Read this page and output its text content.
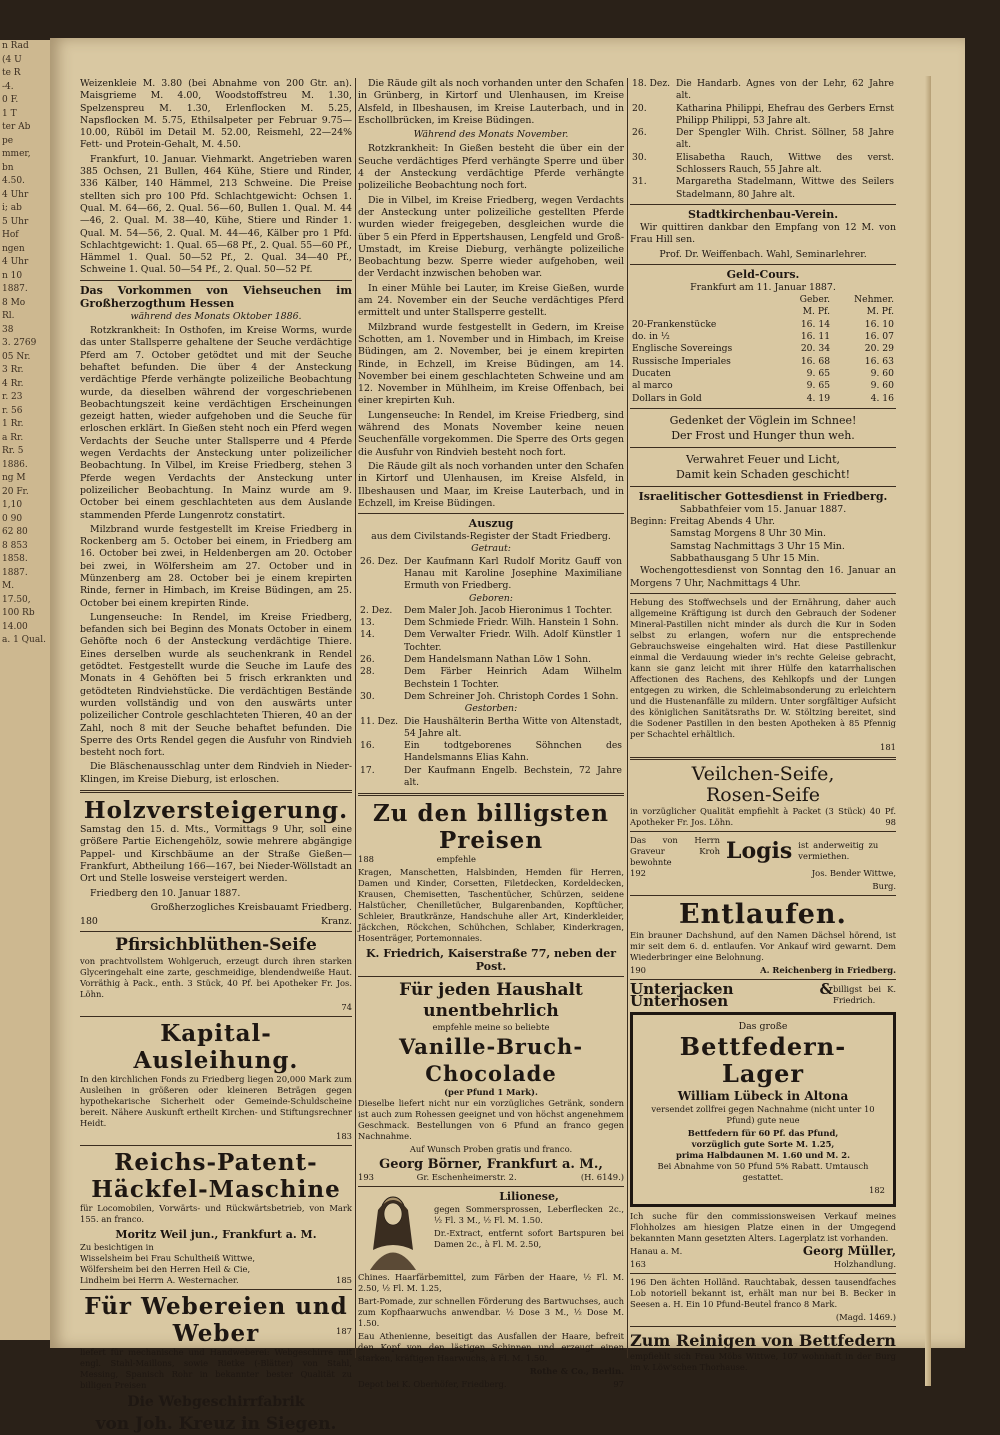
n Rad
(4 U
te R
-4.
0 F.
1 T
ter Ab
pe
mmer,
bn
4.50.
4 Uhr
i; ab
5 Uhr
Hof
ngen
4 Uhr
n 10
1887.
8 Mo
Rl.
38
3. 2769
05 Nr.
3 Rr.
4 Rr.
r. 23
r. 56
1 Rr.
a Rr.
Rr. 5
1886.
ng M
20 Fr.
1,10
0 90
62 80
8 853
1858.
1887.
M.
17.50,
100 Rb
14.00
a. 1 Qual.

Weizenkleie M. 3.80 (bei Abnahme von 200 Gtr. an). Maisgrieme M. 4.00, Woodstoffstreu M. 1.30, Spelzenspreu M. 1.30, Erlenflocken M. 5.25, Napsflocken M. 5.75, Ethilsalpeter per Februar 9.75—10.00, Rüböl im Detail M. 52.00, Reismehl, 22—24% Fett- und Protein-Gehalt, M. 4.50.

Frankfurt, 10. Januar. Viehmarkt. Angetrieben waren 385 Ochsen, 21 Bullen, 464 Kühe, Stiere und Rinder, 336 Kälber, 140 Hämmel, 213 Schweine. Die Preise stellten sich pro 100 Pfd. Schlachtgewicht: Ochsen 1. Qual. M. 64—66, 2. Qual. 56—60, Bullen 1. Qual. M. 44—46, 2. Qual. M. 38—40, Kühe, Stiere und Rinder 1. Qual. M. 54—56, 2. Qual. M. 44—46, Kälber pro 1 Pfd. Schlachtgewicht: 1. Qual. 65—68 Pf., 2. Qual. 55—60 Pf., Hämmel 1. Qual. 50—52 Pf., 2. Qual. 34—40 Pf., Schweine 1. Qual. 50—54 Pf., 2. Qual. 50—52 Pf.

Das Vorkommen von Viehseuchen im Großherzogthum Hessen
während des Monats Oktober 1886.

Rotzkrankheit: In Osthofen, im Kreise Worms, wurde das unter Stallsperre gehaltene der Seuche verdächtige Pferd am 7. October getödtet und mit der Seuche behaftet befunden. Die über 4 der Ansteckung verdächtige Pferde verhängte polizeiliche Beobachtung wurde, da dieselben während der vorgeschriebenen Beobachtungszeit keine verdächtigen Erscheinungen gezeigt hatten, wieder aufgehoben und die Seuche für erloschen erklärt. In Gießen steht noch ein Pferd wegen Verdachts der Seuche unter Stallsperre und 4 Pferde wegen Verdachts der Ansteckung unter polizeilicher Beobachtung. In Vilbel, im Kreise Friedberg, stehen 3 Pferde wegen Verdachts der Ansteckung unter polizeilicher Beobachtung. In Mainz wurde am 9. October bei einem geschlachteten aus dem Auslande stammenden Pferde Lungenrotz constatirt.

Milzbrand wurde festgestellt im Kreise Friedberg in Rockenberg am 5. October bei einem, in Friedberg am 16. October bei zwei, in Heldenbergen am 20. October bei zwei, in Wölfersheim am 27. October und in Münzenberg am 28. October bei je einem krepirten Rinde, ferner in Himbach, im Kreise Büdingen, am 25. October bei einem krepirten Rinde.

Lungenseuche: In Rendel, im Kreise Friedberg, befanden sich bei Beginn des Monats October in einem Gehöfte noch 6 der Ansteckung verdächtige Thiere. Eines derselben wurde als seuchenkrank in Rendel getödtet. Festgestellt wurde die Seuche im Laufe des Monats in 4 Gehöften bei 5 frisch erkrankten und getödteten Rindviehstücke. Die verdächtigen Bestände wurden vollständig und von den auswärts unter polizeilicher Controle geschlachteten Thieren, 40 an der Zahl, noch 8 mit der Seuche behaftet befunden. Die Sperre des Orts Rendel gegen die Ausfuhr von Rindvieh besteht noch fort.

Die Bläschenausschlag unter dem Rindvieh in Nieder-Klingen, im Kreise Dieburg, ist erloschen.

Holzversteigerung.

Samstag den 15. d. Mts., Vormittags 9 Uhr, soll eine größere Partie Eichengehölz, sowie mehrere abgängige Pappel- und Kirschbäume an der Straße Gießen—Frankfurt, Abtheilung 166—167, bei Nieder-Wöllstadt an Ort und Stelle losweise versteigert werden.

Friedberg den 10. Januar 1887.

Großherzogliches Kreisbauamt Friedberg.

180	Kranz.

Pfirsichblüthen-Seife

von prachtvollstem Wohlgeruch, erzeugt durch ihren starken Glyceringehalt eine zarte, geschmeidige, blendendweiße Haut. Vorräthig à Pack., enth. 3 Stück, 40 Pf. bei Apotheker Fr. Jos. Löhn.

74

Kapital-Ausleihung.

In den kirchlichen Fonds zu Friedberg liegen 20,000 Mark zum Ausleihen in größeren oder kleineren Beträgen gegen hypothekarische Sicherheit oder Gemeinde-Schuldscheine bereit. Nähere Auskunft ertheilt Kirchen- und Stiftungsrechner Heidt.

183

Reichs-Patent-
Häckfel-Maschine

für Locomobilen, Vorwärts- und Rückwärtsbetrieb, von Mark 155. an franco.

Moritz Weil jun., Frankfurt a. M.
Zu besichtigen in
Wisselsheim bei Frau Schultheiß Wittwe,
Wölfersheim bei den Herren Heil & Cie,
Lindheim bei Herrn A. Westernacher.	185
Für Webereien und
Weber	187

liefert für mechanische und Handweberei: Webgeschirre mit engl. Stahl-Maillons, sowie Rietke (-Blätter) von Stahl, Messing, Spanisch Rohr in bekannter bester Qualität zu billigen Preisen

Die Webgeschirrfabrik
von Joh. Kreuz in Siegen.

Die Räude gilt als noch vorhanden unter den Schafen in Grünberg, in Kirtorf und Ulenhausen, im Kreise Alsfeld, in Ilbeshausen, im Kreise Lauterbach, und in Eschollbrücken, im Kreise Büdingen.

Während des Monats November.

Rotzkrankheit: In Gießen besteht die über ein der Seuche verdächtiges Pferd verhängte Sperre und über 4 der Ansteckung verdächtige Pferde verhängte polizeiliche Beobachtung noch fort.

Die in Vilbel, im Kreise Friedberg, wegen Verdachts der Ansteckung unter polizeiliche gestellten Pferde wurden wieder freigegeben, desgleichen wurde die über 5 ein Pferd in Eppertshausen, Lengfeld und Groß-Umstadt, im Kreise Dieburg, verhängte polizeiliche Beobachtung bezw. Sperre wieder aufgehoben, weil der Verdacht inzwischen behoben war.

In einer Mühle bei Lauter, im Kreise Gießen, wurde am 24. November ein der Seuche verdächtiges Pferd ermittelt und unter Stallsperre gestellt.

Milzbrand wurde festgestellt in Gedern, im Kreise Schotten, am 1. November und in Himbach, im Kreise Büdingen, am 2. November, bei je einem krepirten Rinde, in Echzell, im Kreise Büdingen, am 14. November bei einem geschlachteten Schweine und am 12. November in Mühlheim, im Kreise Offenbach, bei einer krepirten Kuh.

Lungenseuche: In Rendel, im Kreise Friedberg, sind während des Monats November keine neuen Seuchenfälle vorgekommen. Die Sperre des Orts gegen die Ausfuhr von Rindvieh besteht noch fort.

Die Räude gilt als noch vorhanden unter den Schafen in Kirtorf und Ulenhausen, im Kreise Alsfeld, in Ilbeshausen und Maar, im Kreise Lauterbach, und in Echzell, im Kreise Büdingen.

Auszug
aus dem Civilstands-Register der Stadt Friedberg.
Getraut:
26. Dez.	Der Kaufmann Karl Rudolf Moritz Gauff von Hanau mit Karoline Josephine Maximiliane Ermuth von Friedberg.
Geboren:
2. Dez.	Dem Maler Joh. Jacob Hieronimus 1 Tochter.
13.	Dem Schmiede Friedr. Wilh. Hanstein 1 Sohn.
14.	Dem Verwalter Friedr. Wilh. Adolf Künstler 1 Tochter.
26.	Dem Handelsmann Nathan Löw 1 Sohn.
28.	Dem Färber Heinrich Adam Wilhelm Bechstein 1 Tochter.
30.	Dem Schreiner Joh. Christoph Cordes 1 Sohn.
Gestorben:
11. Dez.	Die Haushälterin Bertha Witte von Altenstadt, 54 Jahre alt.
16.	Ein todtgeborenes Söhnchen des Handelsmanns Elias Kahn.
17.	Der Kaufmann Engelb. Bechstein, 72 Jahre alt.
Zu den billigsten Preisen

188	empfehle

Kragen, Manschetten, Halsbinden, Hemden für Herren, Damen und Kinder, Corsetten, Filetdecken, Kordeldecken, Krausen, Chemisetten, Taschentücher, Schürzen, seidene Halstücher, Chenilletücher, Bulgarenbanden, Kopftücher, Schleier, Brautkränze, Handschuhe aller Art, Kinderkleider, Jäckchen, Röckchen, Schühchen, Schlaber, Kinderkragen, Hosenträger, Portemonnaies.

K. Friedrich, Kaiserstraße 77, neben der Post.
Für jeden Haushalt unentbehrlich
empfehle meine so beliebte
Vanille-Bruch-Chocolade
(per Pfund 1 Mark).

Dieselbe liefert nicht nur ein vorzügliches Getränk, sondern ist auch zum Rohessen geeignet und von höchst angenehmem Geschmack. Bestellungen von 6 Pfund an franco gegen Nachnahme.

Auf Wunsch Proben gratis und franco.

Georg Börner, Frankfurt a. M.,

193	Gr. Eschenheimerstr. 2.	(H. 6149.)

Lilionese,

gegen Sommersprossen, Leberflecken 2c., ½ Fl. 3 M., ½ Fl. M. 1.50.

Dr.-Extract, entfernt sofort Bartspuren bei Damen 2c., à Fl. M. 2.50,

Chines. Haarfärbemittel, zum Färben der Haare, ½ Fl. M. 2.50, ½ Fl. M. 1.25,

Bart-Pomade, zur schnellen Förderung des Bartwuchses, auch zum Kopfhaarwuchs anwendbar. ½ Dose 3 M., ½ Dose M. 1.50.

Eau Athenienne, beseitigt das Ausfallen der Haare, befreit den Kopf von den lästigen Schinnen und erzeugt einen starken, kräftigen Haarwuchs, à Fl. M. 1.50.

Rothe & Co., Berlin.

Depot bei K. Oberhöfer, Friedberg.	97

18. Dez.	Die Handarb. Agnes von der Lehr, 62 Jahre alt.
20.	Katharina Philippi, Ehefrau des Gerbers Ernst Philipp Philippi, 53 Jahre alt.
26.	Der Spengler Wilh. Christ. Söllner, 58 Jahre alt.
30.	Elisabetha Rauch, Wittwe des verst. Schlossers Rauch, 55 Jahre alt.
31.	Margaretha Stadelmann, Wittwe des Seilers Stadelmann, 80 Jahre alt.
Stadtkirchenbau-Verein.

Wir quittiren dankbar den Empfang von 12 M. von Frau Hill sen.

Prof. Dr. Weiffenbach. Wahl, Seminarlehrer.

Geld-Cours.
Frankfurt am 11. Januar 1887.
	Geber.	Nehmer.
	M. Pf.	M. Pf.
20-Frankenstücke	16. 14	16. 10
do. in ½	16. 11	16. 07
Englische Sovereings	20. 34	20. 29
Russische Imperiales	16. 68	16. 63
Ducaten	9. 65	9. 60
al marco	9. 65	9. 60
Dollars in Gold	4. 19	4. 16
Gedenket der Vöglein im Schnee!
Der Frost und Hunger thun weh.
Verwahret Feuer und Licht,
Damit kein Schaden geschicht!
Israelitischer Gottesdienst in Friedberg.
Sabbathfeier vom 15. Januar 1887.
Beginn: Freitag Abends 4 Uhr.
Samstag Morgens 8 Uhr 30 Min.
Samstag Nachmittags 3 Uhr 15 Min.
Sabbathausgang 5 Uhr 15 Min.

Wochengottesdienst von Sonntag den 16. Januar an Morgens 7 Uhr, Nachmittags 4 Uhr.

Hebung des Stoffwechsels und der Ernährung, daher auch allgemeine Kräftigung ist durch den Gebrauch der Sodener Mineral-Pastillen nicht minder als durch die Kur in Soden selbst zu erlangen, wofern nur die entsprechende Gebrauchsweise eingehalten wird. Hat diese Pastillenkur einmal die Verdauung wieder in's rechte Geleise gebracht, kann sie ganz leicht mit ihrer Hülfe den katarrhalischen Affectionen des Rachens, des Kehlkopfs und der Lungen entgegen zu wirken, die Schleimabsonderung zu erleichtern und die Hustenanfälle zu mildern. Unter sorgfältiger Aufsicht des königlichen Sanitätsraths Dr. W. Stöltzing bereitet, sind die Sodener Pastillen in den besten Apotheken à 85 Pfennig per Schachtel erhältlich.

181

Veilchen-Seife,
Rosen-Seife

in vorzüglicher Qualität empfiehlt à Packet (3 Stück) 40 Pf. Apotheker Fr. Jos. Löhn.	98

Das von Herrn Graveur Kroh bewohnte	Logis ist anderweitig zu vermiethen.

192	Jos. Bender Wittwe,

Burg.

Entlaufen.

Ein brauner Dachshund, auf den Namen Dächsel hörend, ist mir seit dem 6. d. entlaufen. Vor Ankauf wird gewarnt. Dem Wiederbringer eine Belohnung.

190	A. Reichenberg in Friedberg.

Unterjacken & Unterhosen
billigst bei K. Friedrich.
Das große
Bettfedern-Lager
William Lübeck in Altona

versendet zollfrei gegen Nachnahme (nicht unter 10 Pfund) gute neue

Bettfedern für 60 Pf. das Pfund,
vorzüglich gute Sorte M. 1.25,
prima Halbdaunen M. 1.60 und M. 2.

Bei Abnahme von 50 Pfund 5% Rabatt. Umtausch gestattet.

182

Ich suche für den commissionsweisen Verkauf meines Flohholzes am hiesigen Platze einen in der Umgegend bekannten Mann gesetzten Alters. Lagerplatz ist vorhanden.

Hanau a. M.	Georg Müller,

163	Holzhandlung.

196 Den ächten Holländ. Rauchtabak, dessen tausendfaches Lob notoriell bekannt ist, erhält man nur bei B. Becker in Seesen a. H. Ein 10 Pfund-Beutel franco 8 Mark.

(Magd. 1469.)

Zum Reinigen von Bettfedern

empfiehlt sich Frau Möbs Wittwe, 107 wohnhaft in der Burg im v. Löw'schen Thorhause.
